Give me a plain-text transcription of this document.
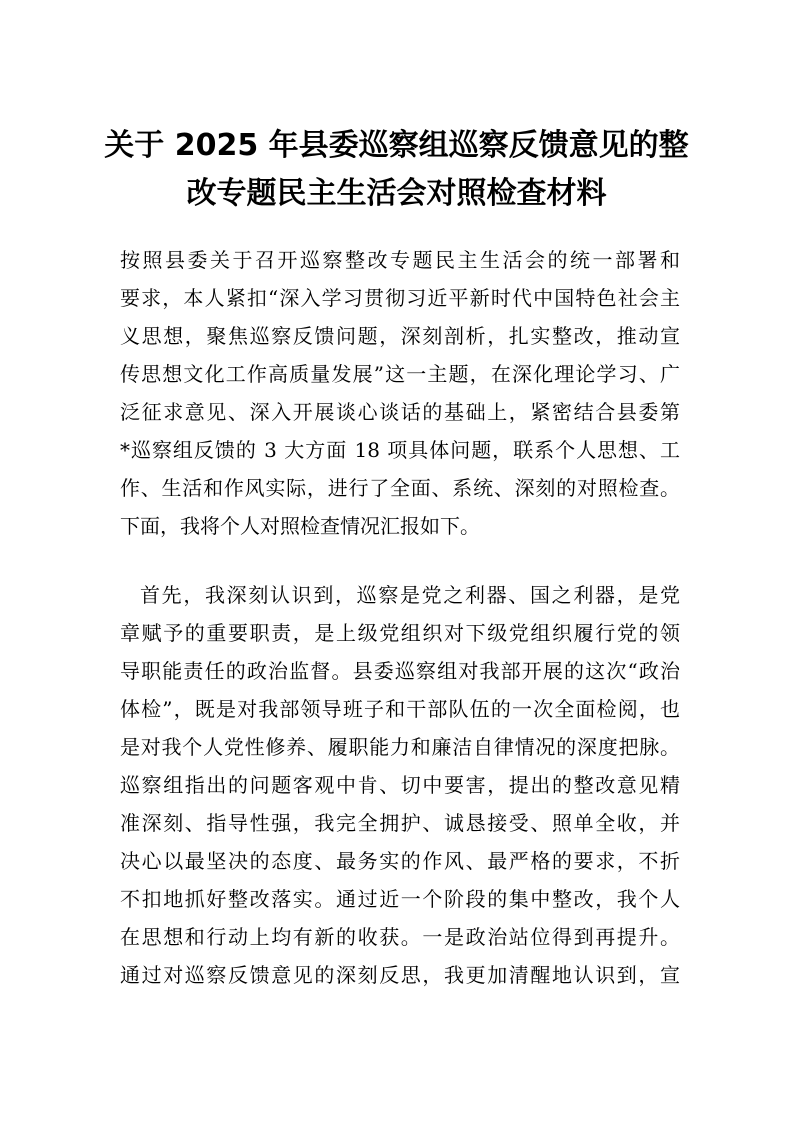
关于 2025 年县委巡察组巡察反馈意见的整
改专题民主生活会对照检查材料
按照县委关于召开巡察整改专题民主生活会的统一部署和
要求，本人紧扣“深入学习贯彻习近平新时代中国特色社会主
义思想，聚焦巡察反馈问题，深刻剖析，扎实整改，推动宣
传思想文化工作高质量发展”这一主题，在深化理论学习、广
泛征求意见、深入开展谈心谈话的基础上，紧密结合县委第
*巡察组反馈的 3 大方面 18 项具体问题，联系个人思想、工
作、生活和作风实际，进行了全面、系统、深刻的对照检查。
下面，我将个人对照检查情况汇报如下。
首先，我深刻认识到，巡察是党之利器、国之利器，是党
章赋予的重要职责，是上级党组织对下级党组织履行党的领
导职能责任的政治监督。县委巡察组对我部开展的这次“政治
体检”，既是对我部领导班子和干部队伍的一次全面检阅，也
是对我个人党性修养、履职能力和廉洁自律情况的深度把脉。
巡察组指出的问题客观中肯、切中要害，提出的整改意见精
准深刻、指导性强，我完全拥护、诚恳接受、照单全收，并
决心以最坚决的态度、最务实的作风、最严格的要求，不折
不扣地抓好整改落实。通过近一个阶段的集中整改，我个人
在思想和行动上均有新的收获。一是政治站位得到再提升。
通过对巡察反馈意见的深刻反思，我更加清醒地认识到，宣
